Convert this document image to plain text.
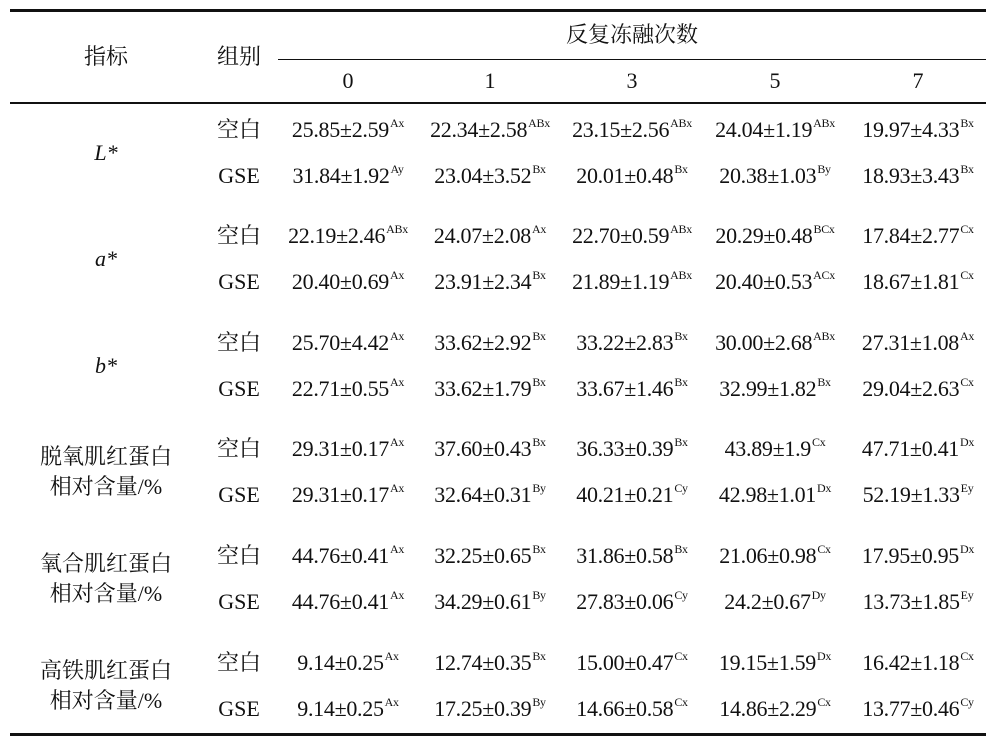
指标	组别
反复冻融次数
0	1	3	5	7
L*
空白 $25.85\pm 2.59^{Ax}$ $22.34\pm 2.58^{ABx}$ $23.15\pm 2.56^{ABx}$ $24.04\pm 1.19^{ABx}$ $19.97\pm 4.33^{Bx}$
GSE $31.84\pm 1.92^{Ay}$ $23.04\pm 3.52^{Bx}$ $20.01\pm 0.48^{Bx}$ $20.38\pm 1.03^{By}$ $18.93\pm 3.43^{Bx}$
a*
空白 $22.19\pm 2.46^{ABx}$ $24.07\pm 2.08^{Ax}$ $22.70\pm 0.59^{ABx}$ $20.29\pm 0.48^{BCx}$ $17.84\pm 2.77^{Cx}$
GSE $20.40\pm 0.69^{Ax}$ $23.91\pm 2.34^{Bx}$ $21.89\pm 1.19^{ABx}$ $20.40\pm 0.53^{ACx}$ $18.67\pm 1.81^{Cx}$
b*
空白 $25.70\pm 4.42^{Ax}$ $33.62\pm 2.92^{Bx}$ $33.22\pm 2.83^{Bx}$ $30.00\pm 2.68^{ABx}$ $27.31\pm 1.08^{Ax}$
GSE $22.71\pm 0.55^{Ax}$ $33.62\pm 1.79^{Bx}$ $33.67\pm 1.46^{Bx}$ $32.99\pm 1.82^{Bx}$ $29.04\pm 2.63^{Cx}$
脱氧肌红蛋白
相对含量/%
空白 $29.31\pm 0.17^{Ax}$ $37.60\pm 0.43^{Bx}$ $36.33\pm 0.39^{Bx}$ $43.89\pm 1.9^{Cx}$ $47.71\pm 0.41^{Dx}$
GSE $29.31\pm 0.17^{Ax}$ $32.64\pm 0.31^{By}$ $40.21\pm 0.21^{Cy}$ $42.98\pm 1.01^{Dx}$ $52.19\pm 1.33^{Ey}$
氧合肌红蛋白
相对含量/%
空白 $44.76\pm 0.41^{Ax}$ $32.25\pm 0.65^{Bx}$ $31.86\pm 0.58^{Bx}$ $21.06\pm 0.98^{Cx}$ $17.95\pm 0.95^{Dx}$
GSE $44.76\pm 0.41^{Ax}$ $34.29\pm 0.61^{By}$ $27.83\pm 0.06^{Cy}$ $24.2\pm 0.67^{Dy}$ $13.73\pm 1.85^{Ey}$
高铁肌红蛋白
相对含量/%
空白 $9.14\pm 0.25^{Ax}$ $12.74\pm 0.35^{Bx}$ $15.00\pm 0.47^{Cx}$ $19.15\pm 1.59^{Dx}$ $16.42\pm 1.18^{Cx}$
GSE $9.14\pm 0.25^{Ax}$ $17.25\pm 0.39^{By}$ $14.66\pm 0.58^{Cx}$ $14.86\pm 2.29^{Cx}$ $13.77\pm 0.46^{Cy}$
